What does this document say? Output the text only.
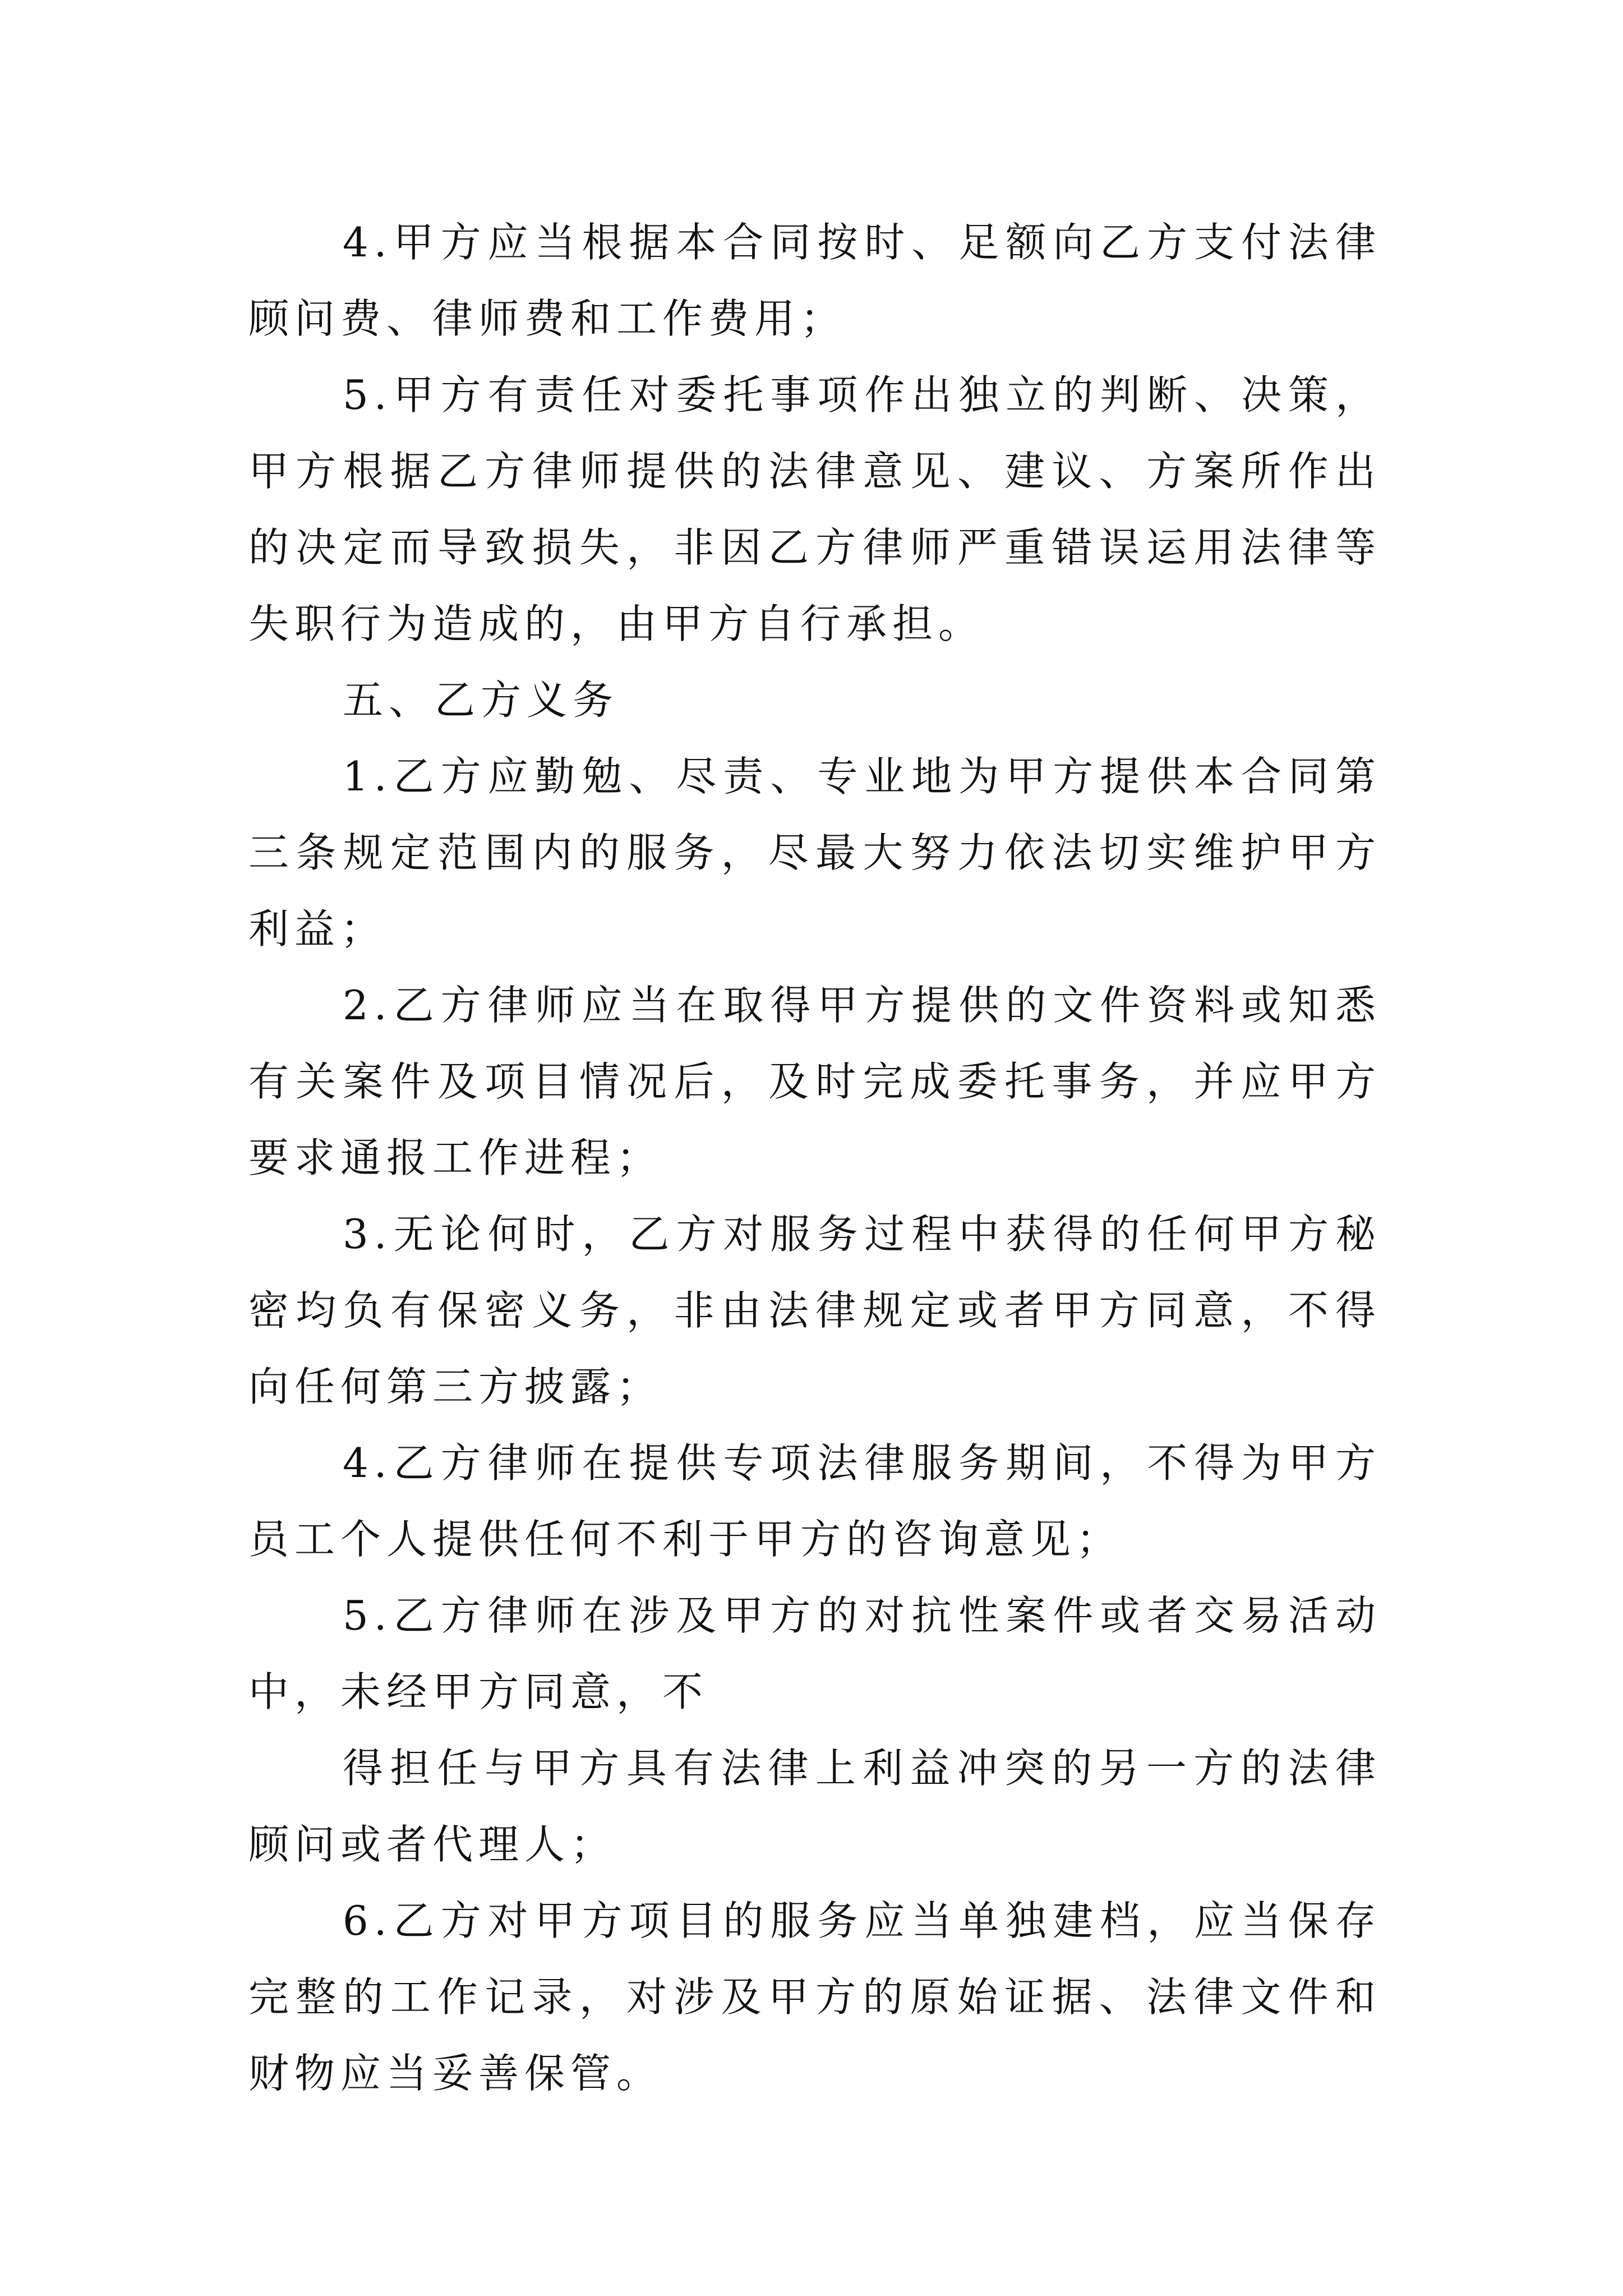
4.甲方应当根据本合同按时、足额向乙方支付法律顾问费、律师费和工作费用；

5.甲方有责任对委托事项作出独立的判断、决策，甲方根据乙方律师提供的法律意见、建议、方案所作出的决定而导致损失，非因乙方律师严重错误运用法律等失职行为造成的，由甲方自行承担。

五、乙方义务

1.乙方应勤勉、尽责、专业地为甲方提供本合同第三条规定范围内的服务，尽最大努力依法切实维护甲方利益；

2.乙方律师应当在取得甲方提供的文件资料或知悉有关案件及项目情况后，及时完成委托事务，并应甲方要求通报工作进程；

3.无论何时，乙方对服务过程中获得的任何甲方秘密均负有保密义务，非由法律规定或者甲方同意，不得向任何第三方披露；

4.乙方律师在提供专项法律服务期间，不得为甲方员工个人提供任何不利于甲方的咨询意见；

5.乙方律师在涉及甲方的对抗性案件或者交易活动中，未经甲方同意，不

得担任与甲方具有法律上利益冲突的另一方的法律顾问或者代理人；

6.乙方对甲方项目的服务应当单独建档，应当保存完整的工作记录，对涉及甲方的原始证据、法律文件和财物应当妥善保管。
